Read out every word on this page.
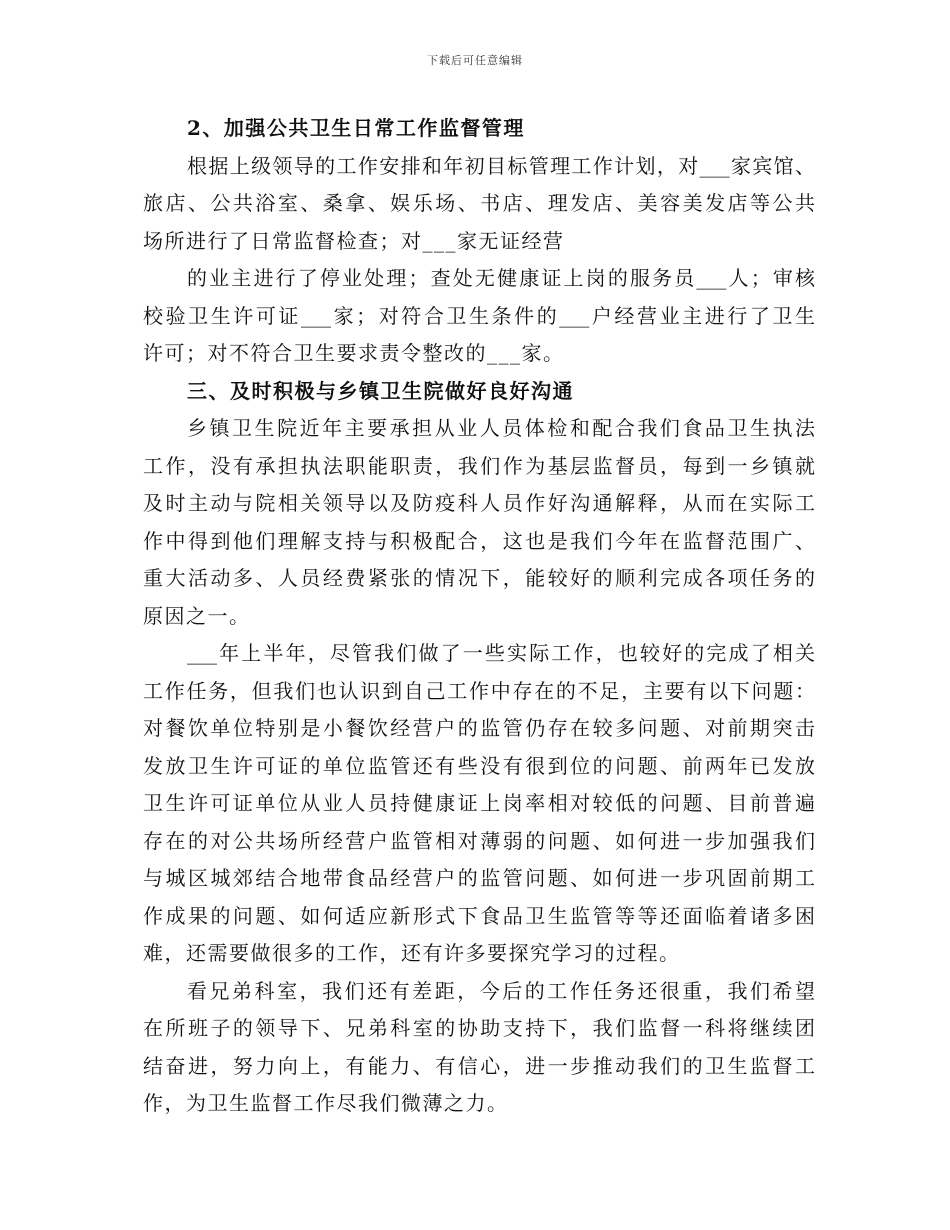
下载后可任意编辑

2、加强公共卫生日常工作监督管理

根据上级领导的工作安排和年初目标管理工作计划，对___家宾馆、

旅店、公共浴室、桑拿、娱乐场、书店、理发店、美容美发店等公共

场所进行了日常监督检查；对___家无证经营

的业主进行了停业处理；查处无健康证上岗的服务员___人；审核

校验卫生许可证___家；对符合卫生条件的___户经营业主进行了卫生

许可；对不符合卫生要求责令整改的___家。

三、及时积极与乡镇卫生院做好良好沟通

乡镇卫生院近年主要承担从业人员体检和配合我们食品卫生执法

工作，没有承担执法职能职责，我们作为基层监督员，每到一乡镇就

及时主动与院相关领导以及防疫科人员作好沟通解释，从而在实际工

作中得到他们理解支持与积极配合，这也是我们今年在监督范围广、

重大活动多、人员经费紧张的情况下，能较好的顺利完成各项任务的

原因之一。

___年上半年，尽管我们做了一些实际工作，也较好的完成了相关

工作任务，但我们也认识到自己工作中存在的不足，主要有以下问题：

对餐饮单位特别是小餐饮经营户的监管仍存在较多问题、对前期突击

发放卫生许可证的单位监管还有些没有很到位的问题、前两年已发放

卫生许可证单位从业人员持健康证上岗率相对较低的问题、目前普遍

存在的对公共场所经营户监管相对薄弱的问题、如何进一步加强我们

与城区城郊结合地带食品经营户的监管问题、如何进一步巩固前期工

作成果的问题、如何适应新形式下食品卫生监管等等还面临着诸多困

难，还需要做很多的工作，还有许多要探究学习的过程。

看兄弟科室，我们还有差距，今后的工作任务还很重，我们希望

在所班子的领导下、兄弟科室的协助支持下，我们监督一科将继续团

结奋进，努力向上，有能力、有信心，进一步推动我们的卫生监督工

作，为卫生监督工作尽我们微薄之力。
